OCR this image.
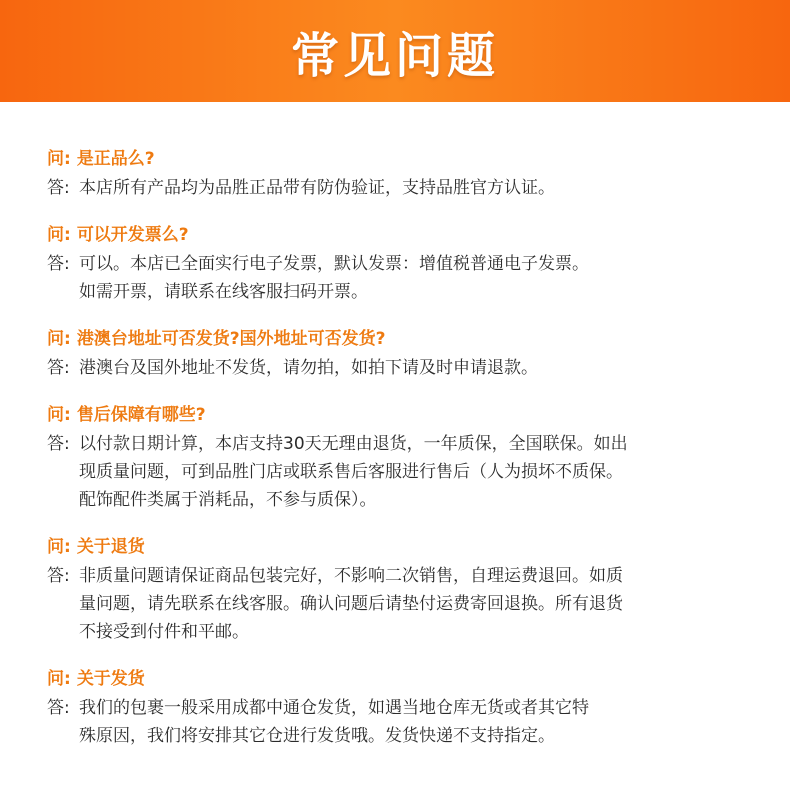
常见问题
问: 是正品么?
答: 本店所有产品均为品胜正品带有防伪验证，支持品胜官方认证。
问: 可以开发票么?
答: 可以。本店已全面实行电子发票，默认发票：增值税普通电子发票。
如需开票，请联系在线客服扫码开票。
问: 港澳台地址可否发货?国外地址可否发货?
答: 港澳台及国外地址不发货，请勿拍，如拍下请及时申请退款。
问: 售后保障有哪些?
答: 以付款日期计算，本店支持30天无理由退货，一年质保，全国联保。如出
现质量问题，可到品胜门店或联系售后客服进行售后（人为损坏不质保。
配饰配件类属于消耗品，不参与质保）。
问: 关于退货
答: 非质量问题请保证商品包装完好，不影响二次销售，自理运费退回。如质
量问题，请先联系在线客服。确认问题后请垫付运费寄回退换。所有退货
不接受到付件和平邮。
问: 关于发货
答: 我们的包裹一般采用成都中通仓发货，如遇当地仓库无货或者其它特
殊原因，我们将安排其它仓进行发货哦。发货快递不支持指定。
